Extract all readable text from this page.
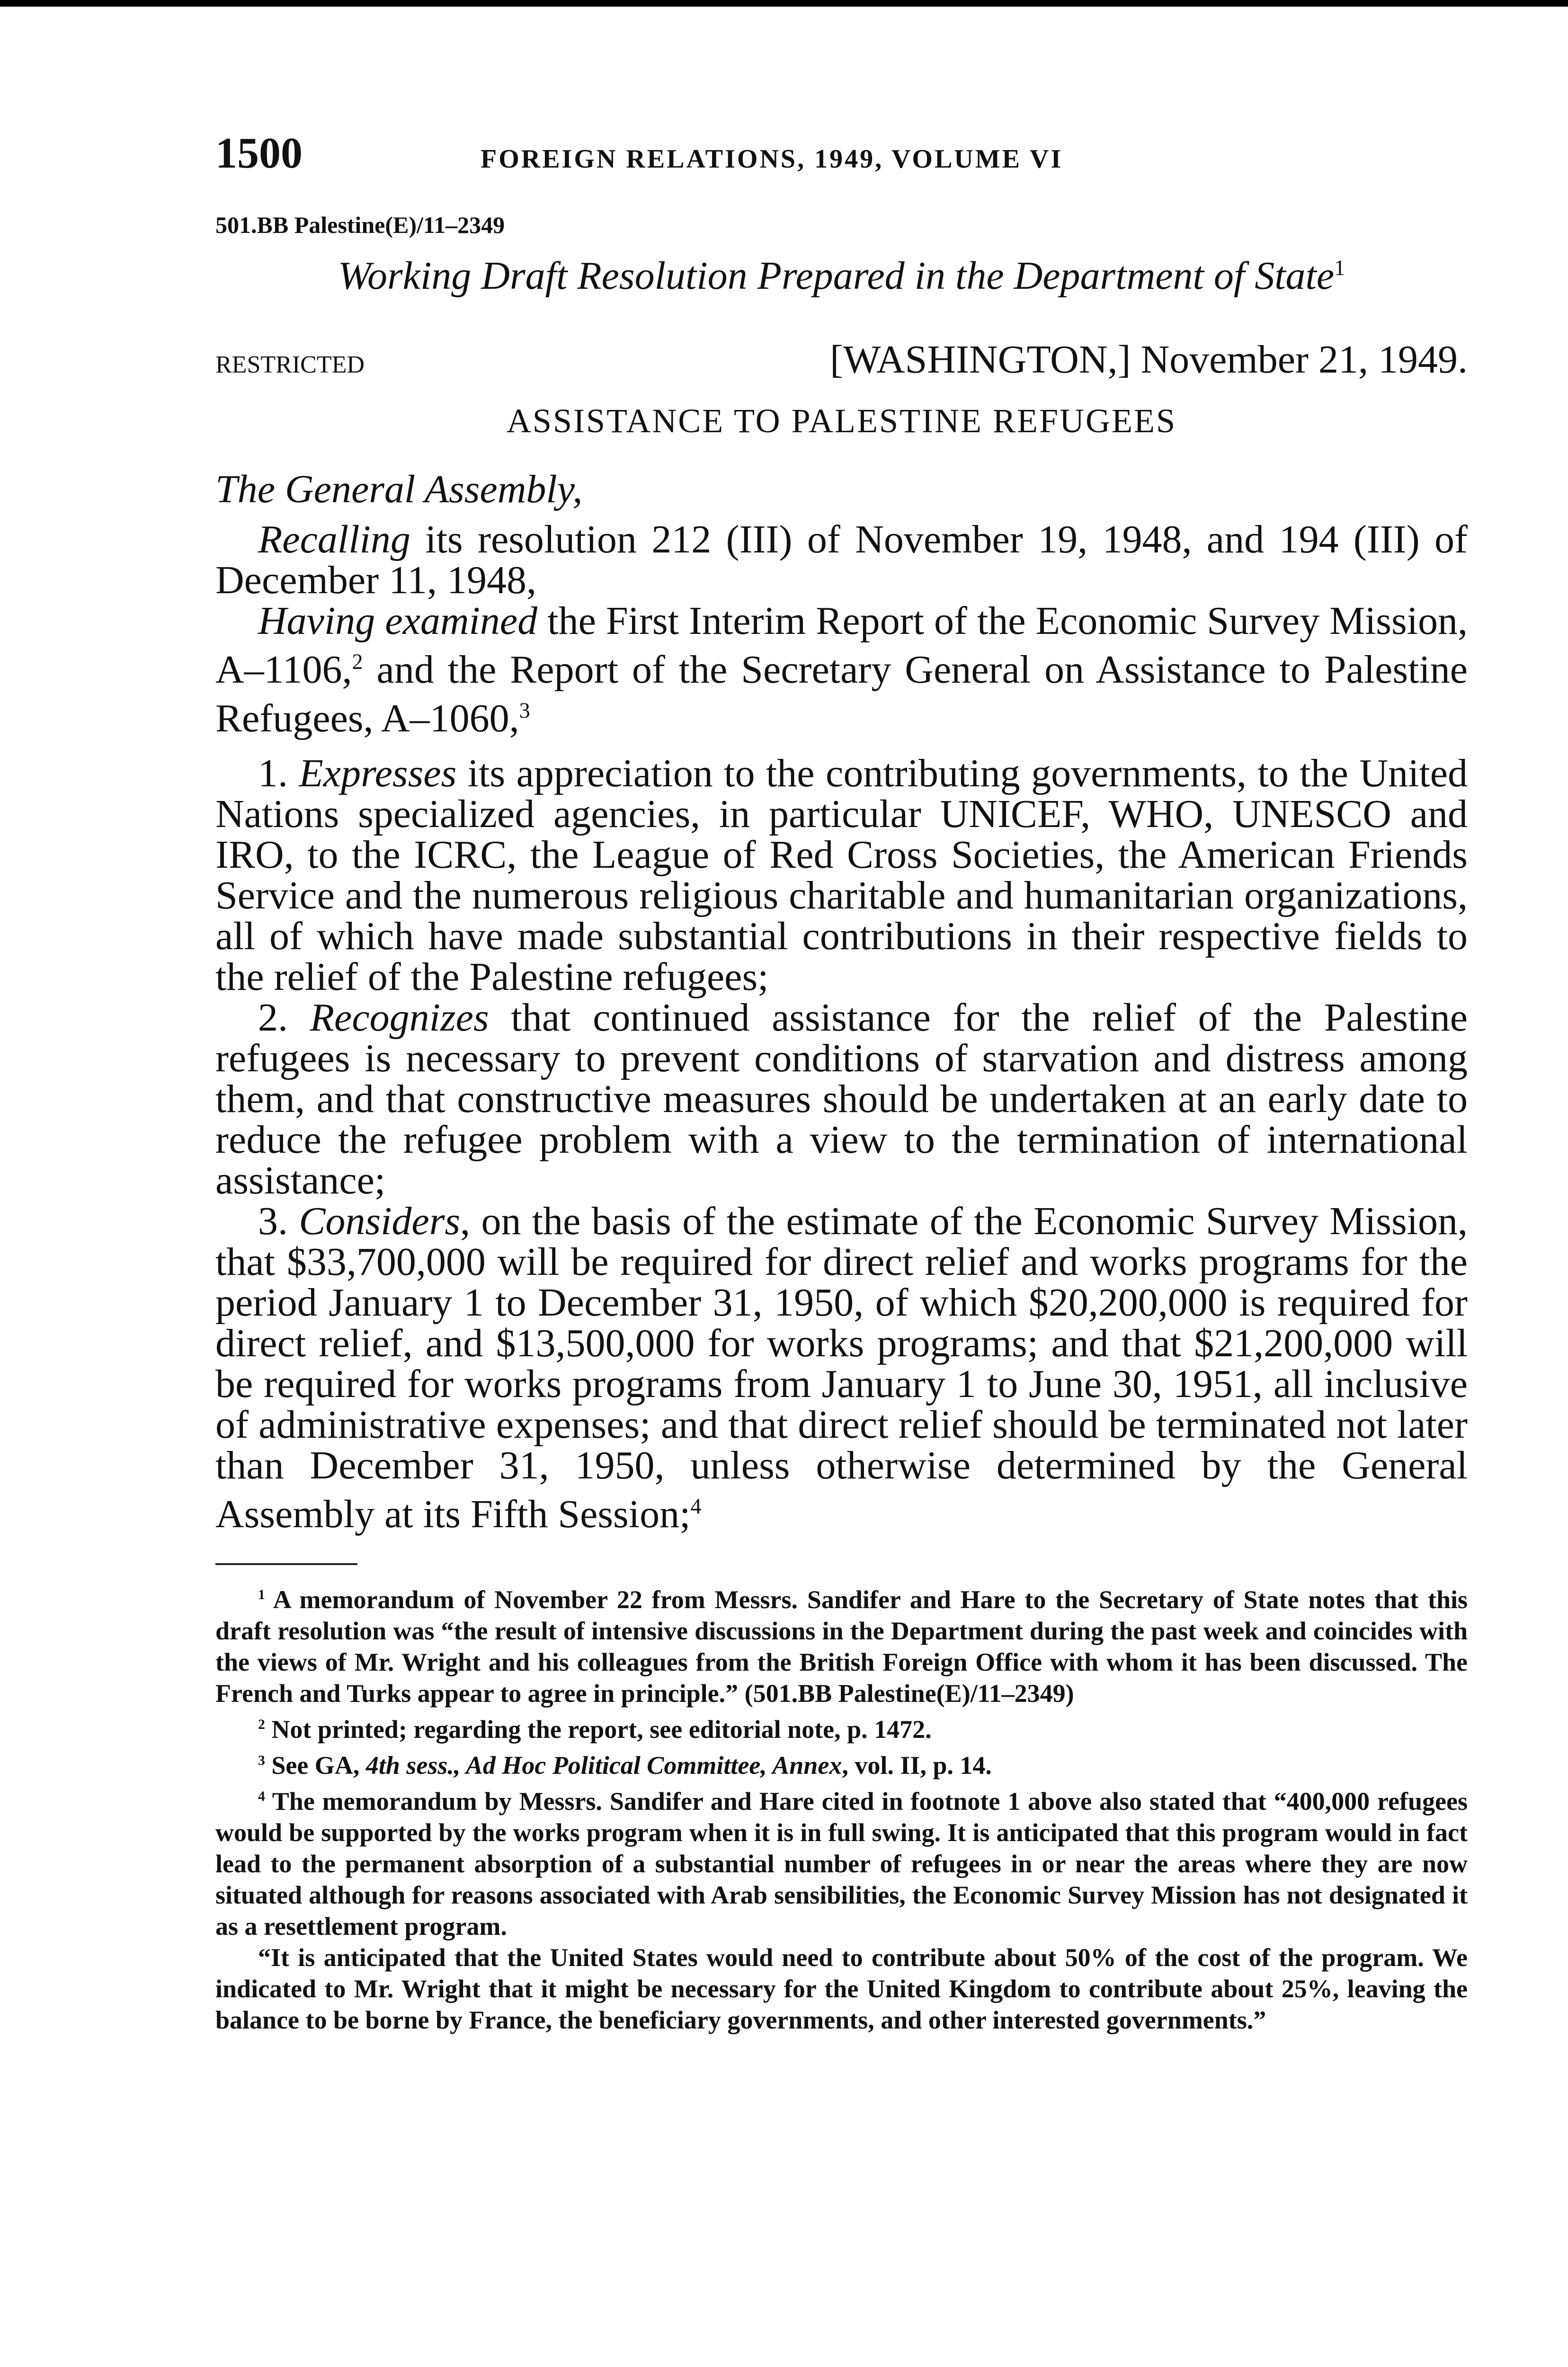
1500	FOREIGN RELATIONS, 1949, VOLUME VI
501.BB Palestine(E)/11–2349
Working Draft Resolution Prepared in the Department of State$^1$
RESTRICTED	[WASHINGTON,] November 21, 1949.
ASSISTANCE TO PALESTINE REFUGEES

The General Assembly,

Recalling its resolution 212 (III) of November 19, 1948, and 194 (III) of December 11, 1948,

Having examined the First Interim Report of the Economic Survey Mission, A–1106,$^2$ and the Report of the Secretary General on Assistance to Palestine Refugees, A–1060,$^3$

1. Expresses its appreciation to the contributing governments, to the United Nations specialized agencies, in particular UNICEF, WHO, UNESCO and IRO, to the ICRC, the League of Red Cross Societies, the American Friends Service and the numerous religious charitable and humanitarian organizations, all of which have made substantial contributions in their respective fields to the relief of the Palestine refugees;

2. Recognizes that continued assistance for the relief of the Palestine refugees is necessary to prevent conditions of starvation and distress among them, and that constructive measures should be undertaken at an early date to reduce the refugee problem with a view to the termination of international assistance;

3. Considers, on the basis of the estimate of the Economic Survey Mission, that $33,700,000 will be required for direct relief and works programs for the period January 1 to December 31, 1950, of which $20,200,000 is required for direct relief, and $13,500,000 for works programs; and that $21,200,000 will be required for works programs from January 1 to June 30, 1951, all inclusive of administrative expenses; and that direct relief should be terminated not later than December 31, 1950, unless otherwise determined by the General Assembly at its Fifth Session;$^4$

$^1$ A memorandum of November 22 from Messrs. Sandifer and Hare to the Secretary of State notes that this draft resolution was “the result of intensive discussions in the Department during the past week and coincides with the views of Mr. Wright and his colleagues from the British Foreign Office with whom it has been discussed. The French and Turks appear to agree in principle.” (501.BB Palestine(E)/11–2349)

$^2$ Not printed; regarding the report, see editorial note, p. 1472.

$^3$ See GA, 4th sess., Ad Hoc Political Committee, Annex, vol. II, p. 14.

$^4$ The memorandum by Messrs. Sandifer and Hare cited in footnote 1 above also stated that “400,000 refugees would be supported by the works program when it is in full swing. It is anticipated that this program would in fact lead to the permanent absorption of a substantial number of refugees in or near the areas where they are now situated although for reasons associated with Arab sensibilities, the Economic Survey Mission has not designated it as a resettlement program.

“It is anticipated that the United States would need to contribute about 50% of the cost of the program. We indicated to Mr. Wright that it might be necessary for the United Kingdom to contribute about 25%, leaving the balance to be borne by France, the beneficiary governments, and other interested governments.”
